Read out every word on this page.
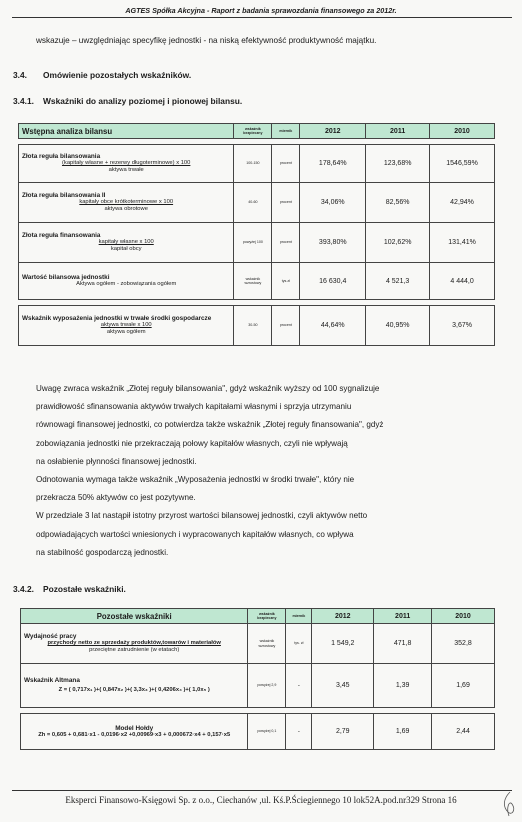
AGTES Spółka Akcyjna - Raport z badania sprawozdania finansowego za 2012r.
wskazuje – uwzględniając specyfikę jednostki - na niską efektywność produktywność majątku.
3.4. Omówienie pozostałych wskaźników.
3.4.1. Wskaźniki do analizy poziomej i pionowej bilansu.
Wstępna analiza bilansu	wskaźnik bezpieczny	miernik	2012	2011	2010

Złota reguła bilansowania
(kapitały własne + rezerwy długoterminowe) x 100
aktywa trwałe	100-150	procent	178,64%	123,68%	1546,59%

Złota reguła bilansowania II
kapitały obce krótkoterminowe x 100
aktywa obrotowe	40-60	procent	34,06%	82,56%	42,94%

Złota reguła finansowania
kapitały własne x 100
kapitał obcy	powyżej 100	procent	393,80%	102,62%	131,41%

Wartość bilansowa jednostki
Aktywa ogółem - zobowiązania ogółem	wskaźnik wzrostowy	tys.zł	16 630,4	4 521,3	4 444,0

Wskaźnik wyposażenia jednostki w trwałe środki gospodarcze
aktywa trwałe x 100
aktywa ogółem	30-50	procent	44,64%	40,95%	3,67%
Uwagę zwraca wskaźnik „Złotej reguły bilansowania", gdyż wskaźnik wyższy od 100 sygnalizuje
prawidłowość sfinansowania aktywów trwałych kapitałami własnymi i sprzyja utrzymaniu
równowagi finansowej jednostki, co potwierdza także wskaźnik „Złotej reguły finansowania", gdyż
zobowiązania jednostki nie przekraczają połowy kapitałów własnych, czyli nie wpływają
na osłabienie płynności finansowej jednostki.
Odnotowania wymaga także wskaźnik „Wyposażenia jednostki w środki trwałe", który nie
przekracza 50% aktywów co jest pozytywne.
W przedziale 3 lat nastąpił istotny przyrost wartości bilansowej jednostki, czyli aktywów netto
odpowiadających wartości wniesionych i wypracowanych kapitałów własnych, co wpływa
na stabilność gospodarczą jednostki.
3.4.2. Pozostałe wskaźniki.
Pozostałe wskaźniki	wskaźnik bezpieczny	miernik	2012	2011	2010

Wydajność pracy
przychody netto ze sprzedaży produktów,towarów i materiałów
przeciętne zatrudnienie (w etatach)	wskaźnik wzrostowy	tys. zł	1 549,2	471,8	352,8

Wskaźnik Altmana
Z = ( 0,717x₁ )+( 0,847x₂ )+( 3,3x₃ )+( 0,4206x₄ )+( 1,0x₅ )	powyżej 2,9	-	3,45	1,39	1,69

Model Hołdy
Zh = 0,605 + 0,681·x1 - 0,0196·x2 +0,00969·x3 + 0,000672·x4 + 0,157·x5	powyżej 0,1	-	2,79	1,69	2,44
Eksperci Finansowo-Księgowi Sp. z o.o., Ciechanów ,ul. Kś.P.Ściegiennego 10 lok52A.pod.nr329 Strona 16
